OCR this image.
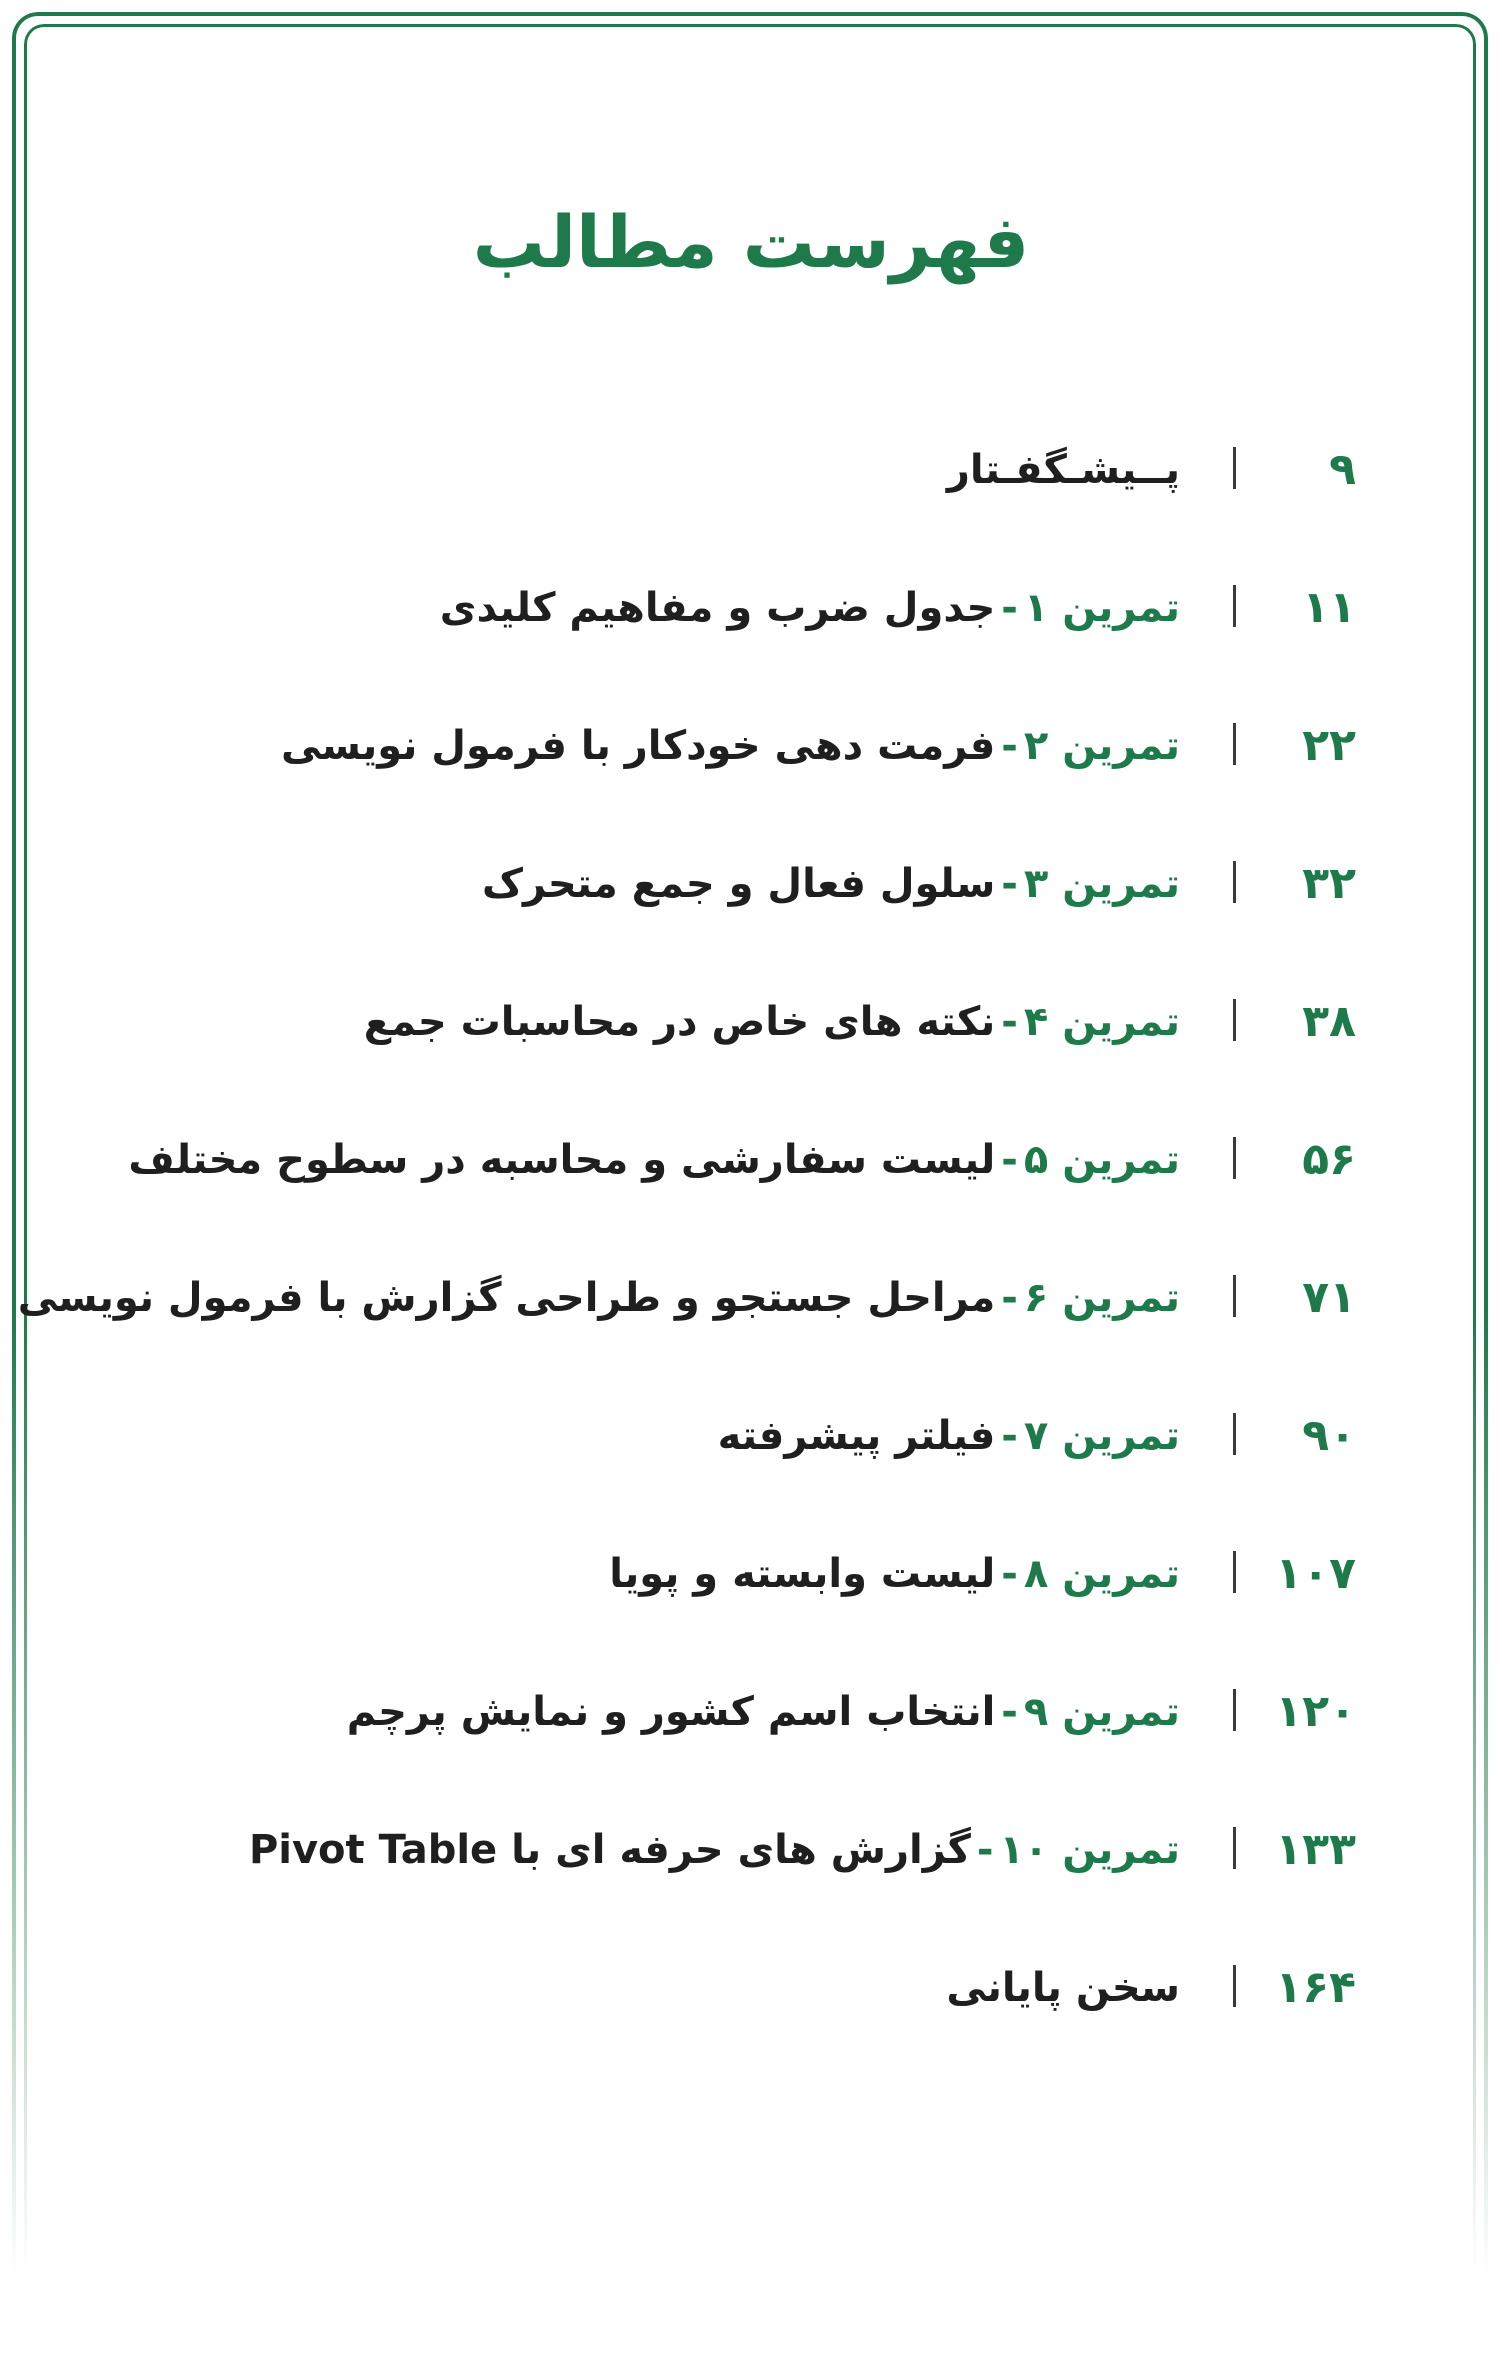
فهرست مطالب
۹
پــیشـگفـتار
۱۱
تمرین ۱-جدول ضرب و مفاهیم کلیدی
۲۲
تمرین ۲-فرمت دهی خودکار با فرمول نویسی
۳۲
تمرین ۳-سلول فعال و جمع متحرک
۳۸
تمرین ۴-نکته های خاص در محاسبات جمع
۵۶
تمرین ۵-لیست سفارشی و محاسبه در سطوح مختلف
۷۱
تمرین ۶-مراحل جستجو و طراحی گزارش با فرمول نویسی
۹۰
تمرین ۷-فیلتر پیشرفته
۱۰۷
تمرین ۸-لیست وابسته و پویا
۱۲۰
تمرین ۹-انتخاب اسم کشور و نمایش پرچم
۱۳۳
تمرین ۱۰-گزارش های حرفه ای با Pivot Table
۱۶۴
سخن پایانی
